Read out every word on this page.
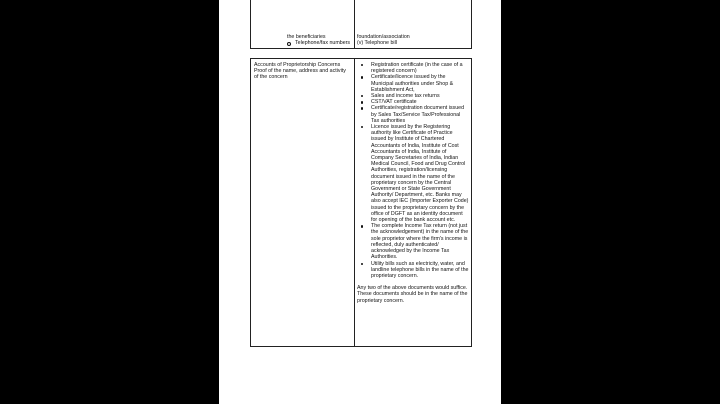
the beneficiaries
Telephone/fax numbers
foundation/association
(v) Telephone bill
Accounts of Proprietorship Concerns Proof of the name, address and activity of the concern
Registration certificate (in the case of a registered concern)
Certificate/licence issued by the Municipal authorities under Shop & Establishment Act,
Sales and income tax returns
CST/VAT certificate
Certificate/registration document issued by Sales Tax/Service Tax/Professional Tax authorities
Licence issued by the Registering authority like Certificate of Practice issued by Institute of Chartered Accountants of India, Institute of Cost Accountants of India, Institute of Company Secretaries of India, Indian Medical Council, Food and Drug Control Authorities, registration/licensing document issued in the name of the proprietary concern by the Central Government or State Government Authority/ Department, etc. Banks may also accept IEC (Importer Exporter Code) issued to the proprietary concern by the office of DGFT as an identity document for opening of the bank account etc.
The complete Income Tax return (not just the acknowledgement) in the name of the sole proprietor where the firm's income is reflected, duly authenticated/ acknowledged by the Income Tax Authorities.
Utility bills such as electricity, water, and landline telephone bills in the name of the proprietary concern.
Any two of the above documents would suffice. These documents should be in the name of the proprietary concern.
